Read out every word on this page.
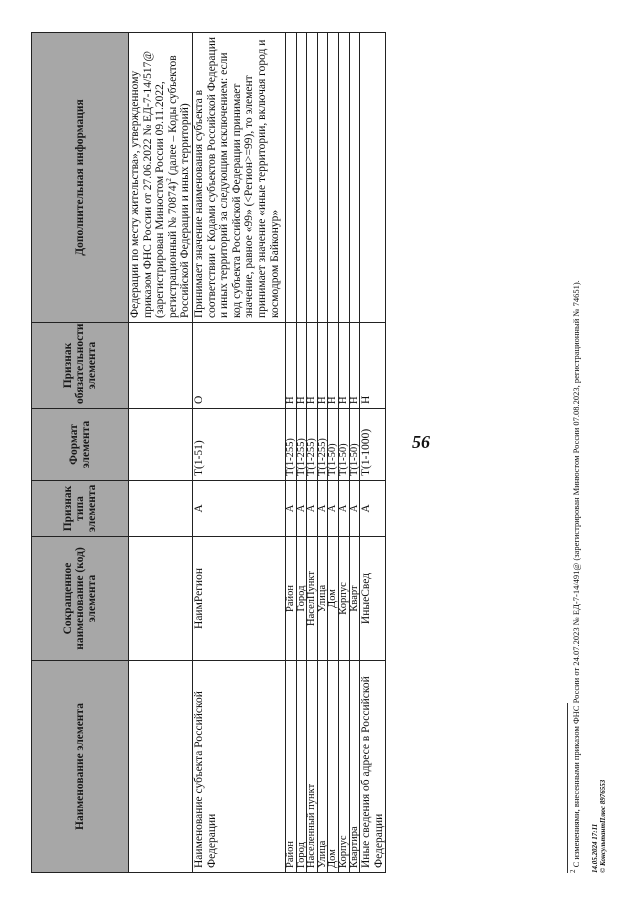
Наименование элемента	Сокращенное наименование (код) элемента	Признак типа элемента	Формат элемента	Признак обязательности элемента	Дополнительная информация
					Федерации по месту жительства», утвержденному приказом ФНС России от 27.06.2022 № ЕД-7-14/517@ (зарегистрирован Минюстом России 09.11.2022, регистрационный № 70874)$^2$ (далее – Коды субъектов Российской Федерации и иных территорий)
Наименование субъекта Российской Федерации	НаимРегион	А	T(1-51)	О	Принимает значение наименования субъекта в соответствии с Кодами субъектов Российской Федерации и иных территорий за следующим исключением: если код субъекта Российской Федерации принимает значение, равное «99» (<Регион>=99), то элемент принимает значение «иные территории, включая город и космодром Байконур»
Район	Район	А	T(1-255)	Н	
Город	Город	А	T(1-255)	Н	
Населенный пункт	НаселПункт	А	T(1-255)	Н	
Улица	Улица	А	T(1-255)	Н	
Дом	Дом	А	T(1-50)	Н	
Корпус	Корпус	А	T(1-50)	Н	
Квартира	Кварт	А	T(1-50)	Н	
Иные сведения об адресе в Российской Федерации	ИныеСвед	А	T(1-1000)	Н	
$^2$ С изменениями, внесенными приказом ФНС России от 24.07.2023 № ЕД-7-14/491@ (зарегистрирован Минюстом России 07.08.2023, регистрационный № 74651). 14.05.2024 17:11 © КонсультантПлюс 8976553
56
